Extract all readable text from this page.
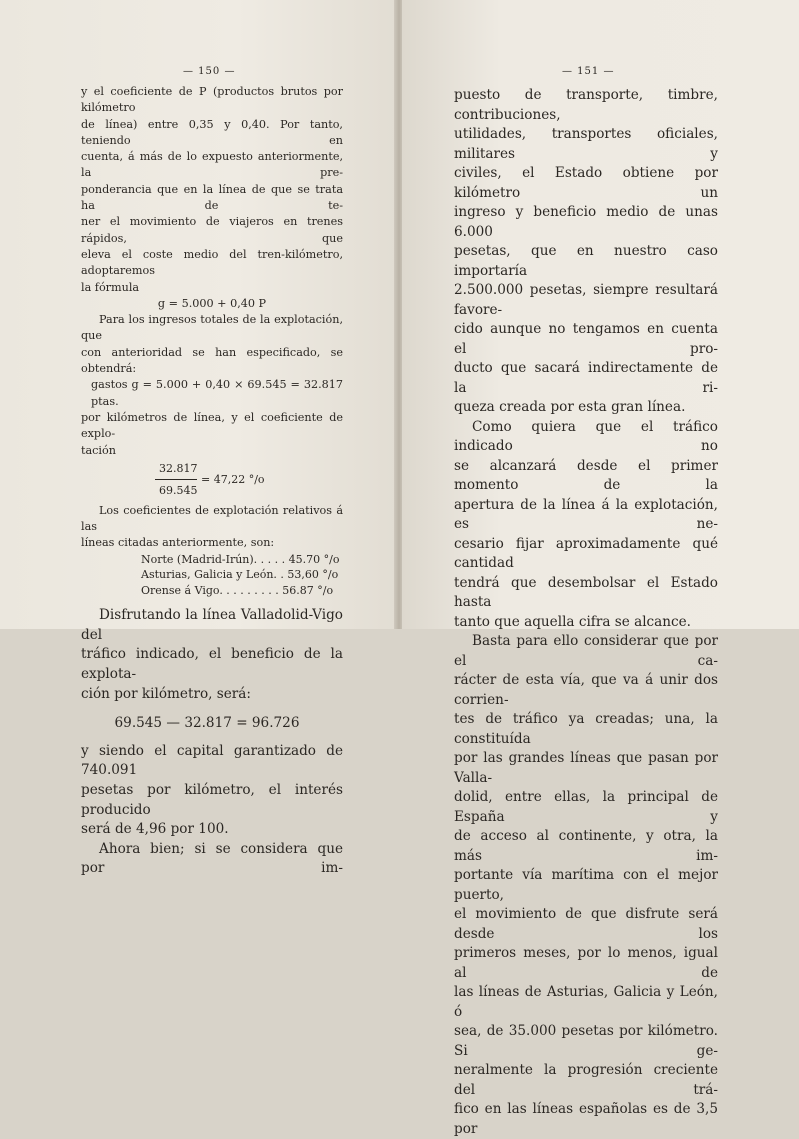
— 150 —

y el coeficiente de P (productos brutos por kilómetro

de línea) entre 0,35 y 0,40. Por tanto, teniendo en

cuenta, á más de lo expuesto anteriormente, la pre-

ponderancia que en la línea de que se trata ha de te-

ner el movimiento de viajeros en trenes rápidos, que

eleva el coste medio del tren-kilómetro, adoptaremos

la fórmula

g = 5.000 + 0,40 P

Para los ingresos totales de la explotación, que

con anterioridad se han especificado, se obtendrá:

gastos g = 5.000 + 0,40 × 69.545 = 32.817 ptas.

por kilómetros de línea, y el coeficiente de explo-

tación

32.817
69.545
= 47,22 °/o

Los coeficientes de explotación relativos á las

líneas citadas anteriormente, son:

Norte (Madrid-Irún). . . . . 45.70 °/o
Asturias, Galicia y León. . 53,60 °/o
Orense á Vigo. . . . . . . . . 56.87 °/o

Disfrutando la línea Valladolid-Vigo del

tráfico indicado, el beneficio de la explota-

ción por kilómetro, será:

69.545 — 32.817 = 96.726

y siendo el capital garantizado de 740.091

pesetas por kilómetro, el interés producido

será de 4,96 por 100.

Ahora bien; si se considera que por im-

— 151 —

puesto de transporte, timbre, contribuciones,

utilidades, transportes oficiales, militares y

civiles, el Estado obtiene por kilómetro un

ingreso y beneficio medio de unas 6.000

pesetas, que en nuestro caso importaría

2.500.000 pesetas, siempre resultará favore-

cido aunque no tengamos en cuenta el pro-

ducto que sacará indirectamente de la ri-

queza creada por esta gran línea.

Como quiera que el tráfico indicado no

se alcanzará desde el primer momento de la

apertura de la línea á la explotación, es ne-

cesario fijar aproximadamente qué cantidad

tendrá que desembolsar el Estado hasta

tanto que aquella cifra se alcance.

Basta para ello considerar que por el ca-

rácter de esta vía, que va á unir dos corrien-

tes de tráfico ya creadas; una, la constituída

por las grandes líneas que pasan por Valla-

dolid, entre ellas, la principal de España y

de acceso al continente, y otra, la más im-

portante vía marítima con el mejor puerto,

el movimiento de que disfrute será desde los

primeros meses, por lo menos, igual al de

las líneas de Asturias, Galicia y León, ó

sea, de 35.000 pesetas por kilómetro. Si ge-

neralmente la progresión creciente del trá-

fico en las líneas españolas es de 3,5 por
